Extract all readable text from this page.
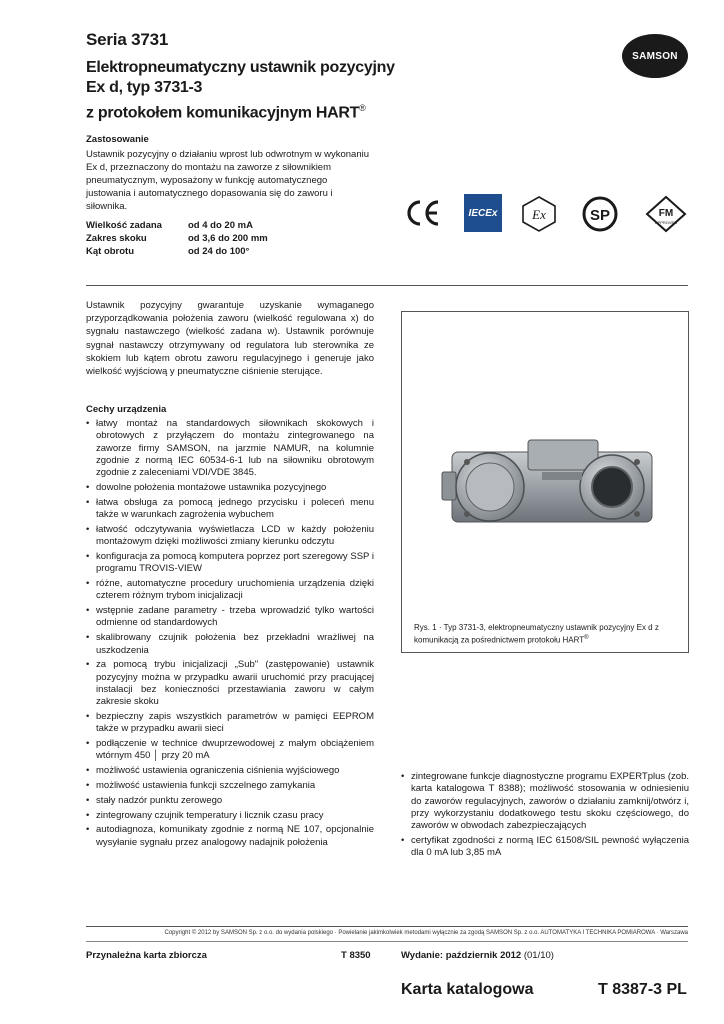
Seria 3731
Elektropneumatyczny ustawnik pozycyjny
Ex d, typ 3731-3
z protokołem komunikacyjnym HART®
SAMSON
Zastosowanie
Ustawnik pozycyjny o działaniu wprost lub odwrotnym w wykonaniu Ex d, przeznaczony do montażu na zaworze z siłownikiem pneumatycznym, wyposażony w funkcję automatycznego justowania i automatycznego dopasowania się do zaworu i siłownika.
Wielkość zadana	od 4 do 20 mA
Zakres skoku	od 3,6 do 200 mm
Kąt obrotu	od 24 do 100°
IECEx	Ex	SP	FM
APPROVED
Ustawnik pozycyjny gwarantuje uzyskanie wymaganego przyporządkowania położenia zaworu (wielkość regulowana x) do sygnału nastawczego (wielkość zadana w). Ustawnik porównuje sygnał nastawczy otrzymywany od regulatora lub sterownika ze skokiem lub kątem obrotu zaworu regulacyjnego i generuje jako wielkość wyjściową y pneumatyczne ciśnienie sterujące.
Cechy urządzenia
• łatwy montaż na standardowych siłownikach skokowych i obrotowych z przyłączem do montażu zintegrowanego na zaworze firmy SAMSON, na jarzmie NAMUR, na kolumnie zgodnie z normą IEC 60534-6-1 lub na siłowniku obrotowym zgodnie z zaleceniami VDI/VDE 3845.
• dowolne położenia montażowe ustawnika pozycyjnego
• łatwa obsługa za pomocą jednego przycisku i poleceń menu także w warunkach zagrożenia wybuchem
• łatwość odczytywania wyświetlacza LCD w każdy położeniu montażowym dzięki możliwości zmiany kierunku odczytu
• konfiguracja za pomocą komputera poprzez port szeregowy SSP i programu TROVIS-VIEW
• różne, automatyczne procedury uruchomienia urządzenia dzięki czterem różnym trybom inicjalizacji
• wstępnie zadane parametry - trzeba wprowadzić tylko wartości odmienne od standardowych
• skalibrowany czujnik położenia bez przekładni wrażliwej na uszkodzenia
• za pomocą trybu inicjalizacji „Sub" (zastępowanie) ustawnik pozycyjny można w przypadku awarii uruchomić przy pracującej instalacji bez konieczności przestawiania zaworu w całym zakresie skoku
• bezpieczny zapis wszystkich parametrów w pamięci EEPROM także w przypadku awarii sieci
• podłączenie w technice dwuprzewodowej z małym obciążeniem wtórnym 450 │ przy 20 mA
• możliwość ustawienia ograniczenia ciśnienia wyjściowego
• możliwość ustawienia funkcji szczelnego zamykania
• stały nadzór punktu zerowego
• zintegrowany czujnik temperatury i licznik czasu pracy
• autodiagnoza, komunikaty zgodnie z normą NE 107, opcjonalnie wysyłanie sygnału przez analogowy nadajnik położenia
Rys. 1 · Typ 3731-3, elektropneumatyczny ustawnik pozycyjny Ex d z komunikacją za pośrednictwem protokołu HART®
• zintegrowane funkcje diagnostyczne programu EXPERTplus (zob. karta katalogowa T 8388); możliwość stosowania w odniesieniu do zaworów regulacyjnych, zaworów o działaniu zamknij/otwórz i, przy wykorzystaniu dodatkowego testu skoku częściowego, do zaworów w obwodach zabezpieczających
• certyfikat zgodności z normą IEC 61508/SIL pewność wyłączenia dla 0 mA lub 3,85 mA
Copyright © 2012 by SAMSON Sp. z o.o. do wydania polskiego · Powielanie jakimkolwiek metodami wyłącznie za zgodą SAMSON Sp. z o.o. AUTOMATYKA I TECHNIKA POMIAROWA · Warszawa
Przynależna karta zbiorcza	T 8350	Wydanie: październik 2012 (01/10)
Karta katalogowa	T 8387-3 PL
